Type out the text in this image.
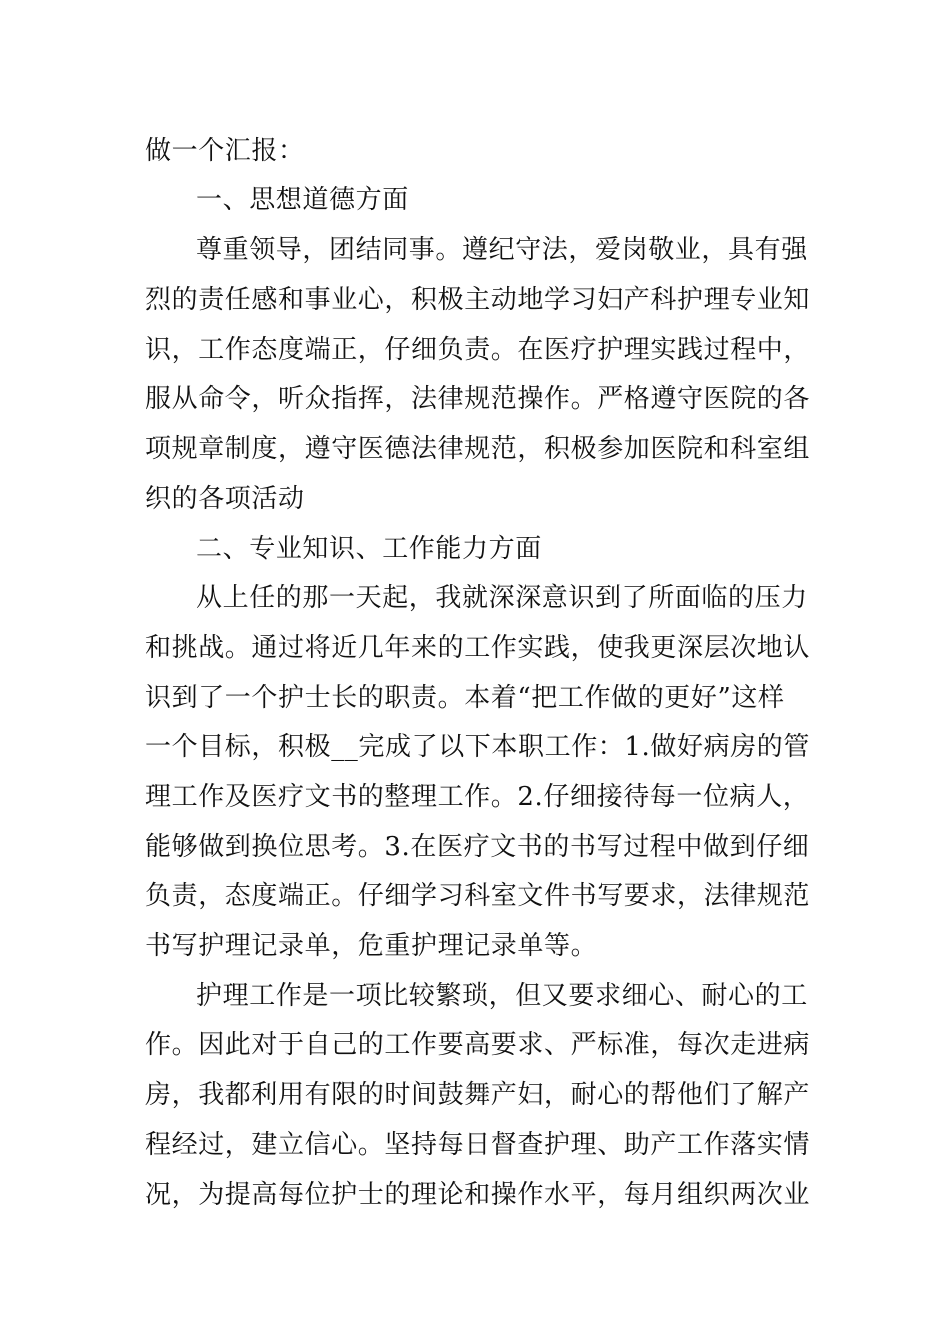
做一个汇报：
一、思想道德方面
尊重领导，团结同事。遵纪守法，爱岗敬业，具有强
烈的责任感和事业心，积极主动地学习妇产科护理专业知
识，工作态度端正，仔细负责。在医疗护理实践过程中，
服从命令，听众指挥，法律规范操作。严格遵守医院的各
项规章制度，遵守医德法律规范，积极参加医院和科室组
织的各项活动
二、专业知识、工作能力方面
从上任的那一天起，我就深深意识到了所面临的压力
和挑战。通过将近几年来的工作实践，使我更深层次地认
识到了一个护士长的职责。本着“把工作做的更好”这样
一个目标，积极__完成了以下本职工作：1.做好病房的管
理工作及医疗文书的整理工作。2.仔细接待每一位病人，
能够做到换位思考。3.在医疗文书的书写过程中做到仔细
负责，态度端正。仔细学习科室文件书写要求，法律规范
书写护理记录单，危重护理记录单等。
护理工作是一项比较繁琐，但又要求细心、耐心的工
作。因此对于自己的工作要高要求、严标准，每次走进病
房，我都利用有限的时间鼓舞产妇，耐心的帮他们了解产
程经过，建立信心。坚持每日督查护理、助产工作落实情
况，为提高每位护士的理论和操作水平，每月组织两次业
